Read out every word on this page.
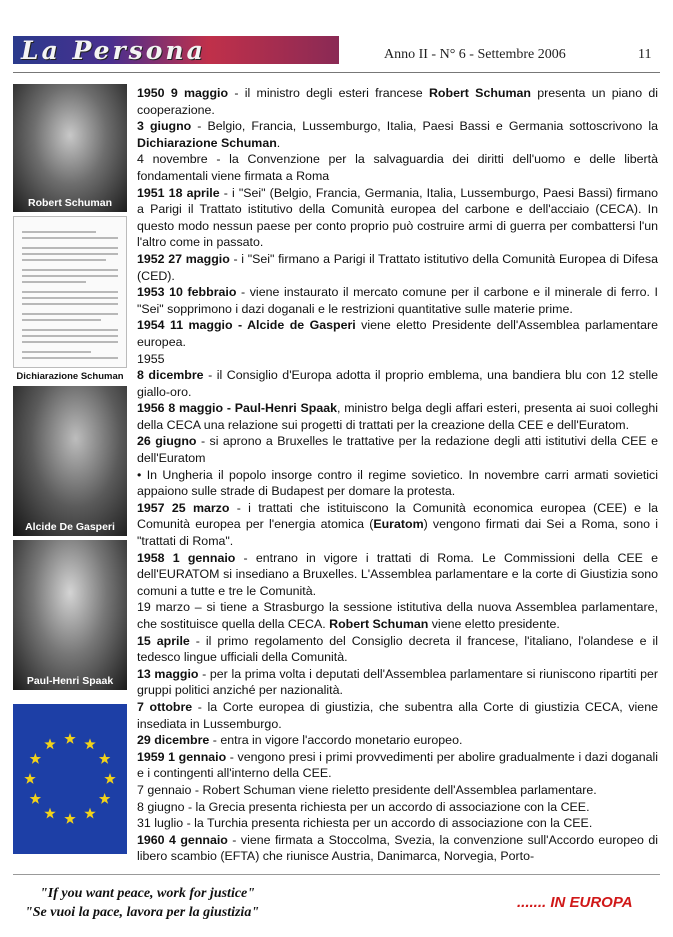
La Persona	Anno II - N° 6 - Settembre 2006	11
Robert Schuman
Dichiarazione Schuman
Alcide De Gasperi
Paul-Henri Spaak

1950 9 maggio - il ministro degli esteri francese Robert Schuman presenta un piano di cooperazione.

3 giugno - Belgio, Francia, Lussemburgo, Italia, Paesi Bassi e Germania sottoscrivono la Dichiarazione Schuman.

4 novembre - la Convenzione per la salvaguardia dei diritti dell'uomo e delle libertà fondamentali viene firmata a Roma

1951 18 aprile - i "Sei" (Belgio, Francia, Germania, Italia, Lussemburgo, Paesi Bassi) firmano a Parigi il Trattato istitutivo della Comunità europea del carbone e dell'acciaio (CECA). In questo modo nessun paese per conto proprio può costruire armi di guerra per combattersi l'un l'altro come in passato.

1952 27 maggio - i "Sei" firmano a Parigi il Trattato istitutivo della Comunità Europea di Difesa (CED).

1953 10 febbraio - viene instaurato il mercato comune per il carbone e il minerale di ferro. I "Sei" sopprimono i dazi doganali e le restrizioni quantitative sulle materie prime.

1954 11 maggio - Alcide de Gasperi viene eletto Presidente dell'Assemblea parlamentare europea.

1955

8 dicembre - il Consiglio d'Europa adotta il proprio emblema, una bandiera blu con 12 stelle giallo-oro.

1956 8 maggio - Paul-Henri Spaak, ministro belga degli affari esteri, presenta ai suoi colleghi della CECA una relazione sui progetti di trattati per la creazione della CEE e dell'Euratom.

26 giugno - si aprono a Bruxelles le trattative per la redazione degli atti istitutivi della CEE e dell'Euratom

• In Ungheria il popolo insorge contro il regime sovietico. In novembre carri armati sovietici appaiono sulle strade di Budapest per domare la protesta.

1957 25 marzo - i trattati che istituiscono la Comunità economica europea (CEE) e la Comunità europea per l'energia atomica (Euratom) vengono firmati dai Sei a Roma, sono i "trattati di Roma".

1958 1 gennaio - entrano in vigore i trattati di Roma. Le Commissioni della CEE e dell'EURATOM si insediano a Bruxelles. L'Assemblea parlamentare e la corte di Giustizia sono comuni a tutte e tre le Comunità.

19 marzo – si tiene a Strasburgo la sessione istitutiva della nuova Assemblea parlamentare, che sostituisce quella della CECA. Robert Schuman viene eletto presidente.

15 aprile - il primo regolamento del Consiglio decreta il francese, l'italiano, l'olandese e il tedesco lingue ufficiali della Comunità.

13 maggio - per la prima volta i deputati dell'Assemblea parlamentare si riuniscono ripartiti per gruppi politici anziché per nazionalità.

7 ottobre - la Corte europea di giustizia, che subentra alla Corte di giustizia CECA, viene insediata in Lussemburgo.

29 dicembre - entra in vigore l'accordo monetario europeo.

1959 1 gennaio - vengono presi i primi provvedimenti per abolire gradualmente i dazi doganali e i contingenti all'interno della CEE.

7 gennaio - Robert Schuman viene rieletto presidente dell'Assemblea parlamentare.

8 giugno - la Grecia presenta richiesta per un accordo di associazione con la CEE.

31 luglio - la Turchia presenta richiesta per un accordo di associazione con la CEE.

1960 4 gennaio - viene firmata a Stoccolma, Svezia, la convenzione sull'Accordo europeo di libero scambio (EFTA) che riunisce Austria, Danimarca, Norvegia, Porto-

"If you want peace, work for justice"
"Se vuoi la pace, lavora per la giustizia"
....... IN EUROPA
